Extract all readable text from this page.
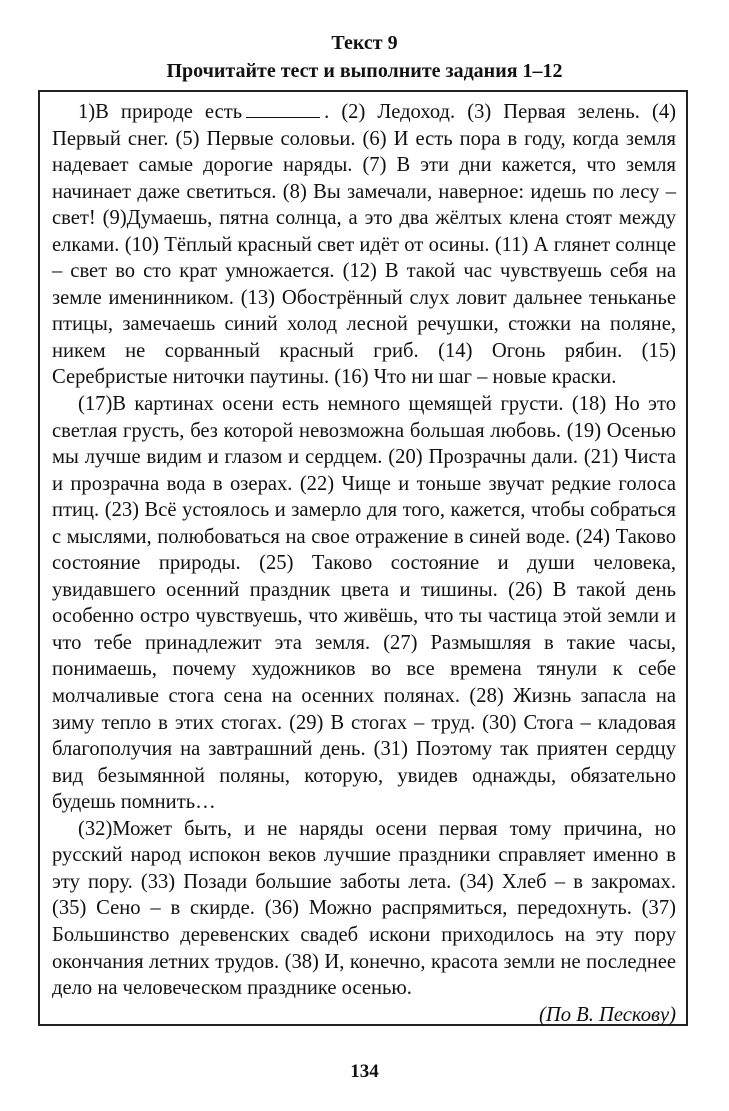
Текст 9
Прочитайте тест и выполните задания 1–12

1)В природе есть	. (2) Ледоход. (3) Первая зелень. (4) Первый снег. (5) Первые соловьи. (6) И есть пора в году, когда земля надевает самые дорогие наряды. (7) В эти дни кажется, что земля начинает даже светиться. (8) Вы замечали, наверное: идешь по лесу – свет! (9)Думаешь, пятна солнца, а это два жёлтых клена стоят между елками. (10) Тёплый красный свет идёт от осины. (11) А глянет солнце – свет во сто крат умножается. (12) В такой час чувствуешь себя на земле именинником. (13) Обострённый слух ловит дальнее теньканье птицы, замечаешь синий холод лесной речушки, стожки на поляне, никем не сорванный красный гриб. (14) Огонь рябин. (15) Серебристые ниточки паутины. (16) Что ни шаг – новые краски.

(17)В картинах осени есть немного щемящей грусти. (18) Но это светлая грусть, без которой невозможна большая любовь. (19) Осенью мы лучше видим и глазом и сердцем. (20) Прозрачны дали. (21) Чиста и прозрачна вода в озерах. (22) Чище и тоньше звучат редкие голоса птиц. (23) Всё устоялось и замерло для того, кажется, чтобы собраться с мыслями, полюбоваться на свое отражение в синей воде. (24) Таково состояние природы. (25) Таково состояние и души человека, увидавшего осенний праздник цвета и тишины. (26) В такой день особенно остро чувствуешь, что живёшь, что ты частица этой земли и что тебе принадлежит эта земля. (27) Размышляя в такие часы, понимаешь, почему художников во все времена тянули к себе молчаливые стога сена на осенних полянах. (28) Жизнь запасла на зиму тепло в этих стогах. (29) В стогах – труд. (30) Стога – кладовая благополучия на завтрашний день. (31) Поэтому так приятен сердцу вид безымянной поляны, которую, увидев однажды, обязательно будешь помнить…

(32)Может быть, и не наряды осени первая тому причина, но русский народ испокон веков лучшие праздники справляет именно в эту пору. (33) Позади большие заботы лета. (34) Хлеб – в закромах. (35) Сено – в скирде. (36) Можно распрямиться, передохнуть. (37) Большинство деревенских свадеб искони приходилось на эту пору окончания летних трудов. (38) И, конечно, красота земли не последнее дело на человеческом празднике осенью.

(По В. Пескову)

134
